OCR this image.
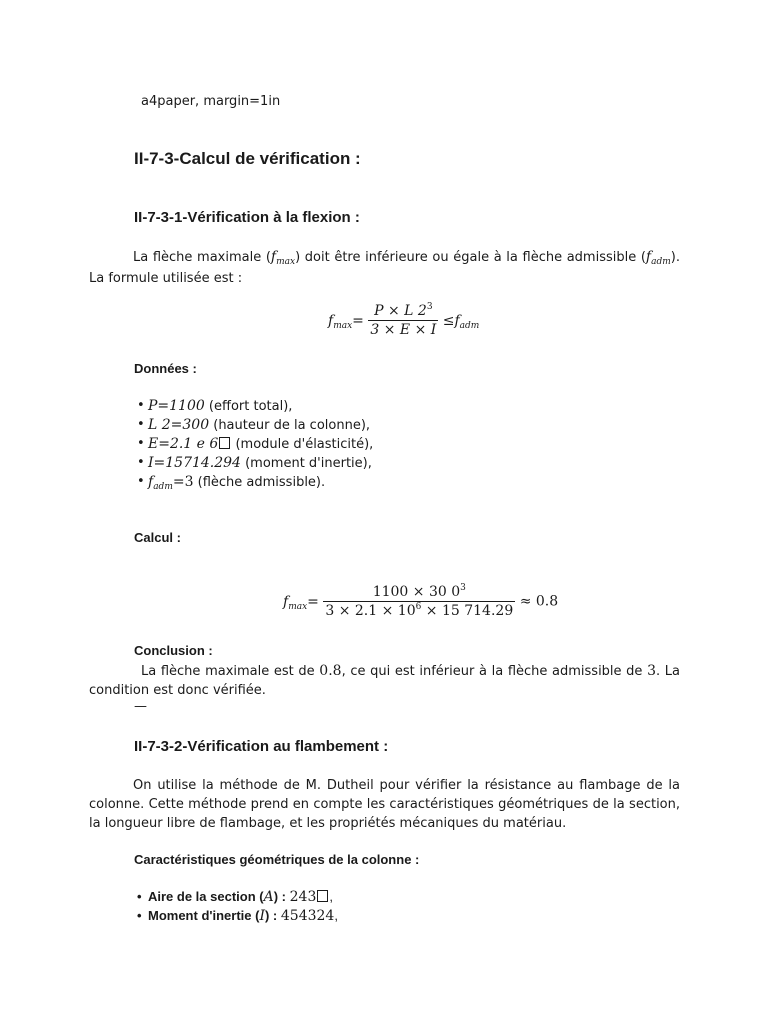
a4paper, margin=1in
II-7-3-Calcul de vérification :
II-7-3-1-Vérification à la flexion :
La flèche maximale $(f_{max})$ doit être inférieure ou égale à la flèche admissible $(f_{adm})$. La formule utilisée est :
$f_{max}= \frac{P \times L 2^3}{3 \times E \times I} \le f_{adm}$
Données :
• P=1100 (effort total),
• L 2=300 (hauteur de la colonne),
• E=2.1 e 6 (module d'élasticité),
• I=15714.294 (moment d'inertie),
• $f_{adm}=3$ (flèche admissible).
Calcul :
$f_{max}= \frac{1100 \times 30 0^3}{3 \times 2.1 \times 10^6 \times 15 714.29} \approx 0.8$
Conclusion :
La flèche maximale est de 0.8, ce qui est inférieur à la flèche admissible de 3. La condition est donc vérifiée.
—
II-7-3-2-Vérification au flambement :
On utilise la méthode de M. Dutheil pour vérifier la résistance au flambage de la colonne. Cette méthode prend en compte les caractéristiques géométriques de la section, la longueur libre de flambage, et les propriétés mécaniques du matériau.
Caractéristiques géométriques de la colonne :
• Aire de la section (A) : 243 ,
• Moment d'inertie (I) : 454324,
